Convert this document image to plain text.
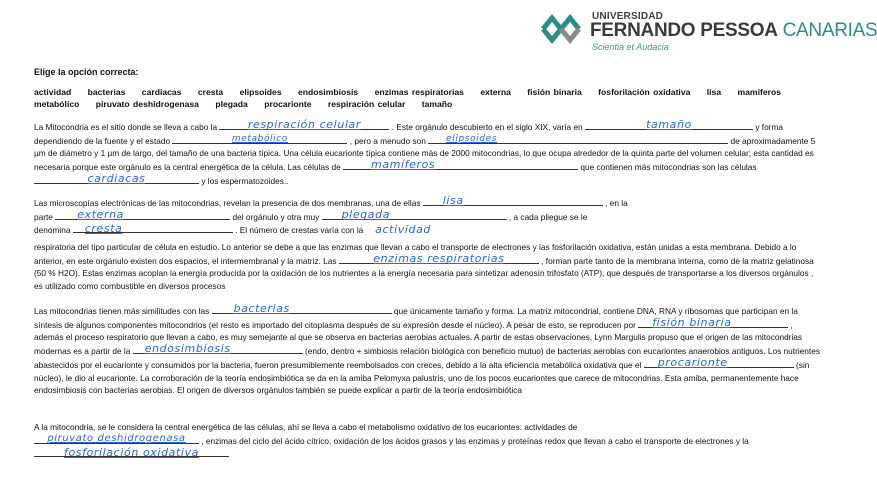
UNIVERSIDAD
FERNANDO PESSOA CANARIAS
Scientia et Audacia
Elige la opción correcta:
actividad bacterias cardiacas cresta elipsoides endosimbiosis enzimas respiratorias externa fisión binaria fosforilación oxidativa lisa mamíferos metabólico piruvato deshidrogenasa plegada procarionte respiración celular tamaño
La Mitocondria es el sitio donde se lleva a cabo la	respiración celular	. Este orgánulo descubierto en el siglo XIX, varía en	tamaño	y forma dependiendo de la fuente y el estado	metabólico	, pero a menudo son elipsoides	de aproximadamente 5 µm de diámetro y 1 µm de largo, del tamaño de una bacteria típica. Una célula eucarionte típica contiene más de 2000 mitocondrias, lo que ocupa alrededor de la quinta parte del volumen celular; esta cantidad es necesaria porque este orgánulo es la central energética de la célula. Las células de	mamíferos	que contienen más mitocondrias son las células
cardiacas	y los espermatozoides..
Las microscopías electrónicas de las mitocondrias, revelan la presencia de dos membranas, una de ellas lisa	, en la
parte externa	del orgánulo y otra muy plegada	, a cada pliegue se le
denomina cresta	. El número de crestas varía con la	actividad
respiratoria del tipo particular de célula en estudio. Lo anterior se debe a que las enzimas que llevan a cabo el transporte de electrones y las fosforilación oxidativa, están unidas a esta membrana. Debido a lo anterior, en este orgánulo existen dos espacios, el intermembranal y la matriz. Las	enzimas respiratorias	, forman parte tanto de la membrana interna, como de la matriz gelatinosa (50 % H2O). Estas enzimas acoplan la energía producida por la oxidación de los nutrientes a la energía necesaria para sintetizar adenosín trifosfato (ATP), que después de transportarse a los diversos orgánulos , es utilizado como combustible en diversos procesos
Las mitocondrias tienen más similitudes con las bacterias	que únicamente tamaño y forma. La matriz mitocondrial, contiene DNA, RNA y ribosomas que participan en la síntesis de algunos componentes mitocondrios (el resto es importado del citoplasma después de su expresión desde el núcleo). A pesar de esto, se reproducen por fisión binaria	, además el proceso respiratorio que llevan a cabo, es muy semejante al que se observa en bacterias aerobias actuales. A partir de estas observaciones, Lynn Margulis propuso que el origen de las mitocondrias modernas es a partir de la endosimbiosis	(endo, dentro + simbiosis relación biológica con beneficio mutuo) de bacterias aerobias con eucariontes anaerobios antiguos. Los nutrientes abastecidos por el eucarionte y consumidos por la bacteria, fueron presumiblemente reembolsados con creces, debido a la alta eficiencia metabólica oxidativa que el procarionte	(sin núcleo), le dio al eucarionte. La corroboración de la teoría endosimbiótica se da en la amiba Pelomyxa palustris, uno de los pocos eucariontes que carece de mitocondrias. Esta amiba, permanentemente hace endosimbiosis con bacterias aerobias. El origen de diversos orgánulos también se puede explicar a partir de la teoría endosimbiótica
A la mitocondria, se le considera la central energética de las células, ahí se lleva a cabo el metabolismo oxidativo de los eucariontes: actividades de

piruvato deshidrogenasa	, enzimas del ciclo del ácido cítrico, oxidación de los ácidos grasos y las enzimas y proteínas redox que llevan a cabo el transporte de electrones y la
fosforilación oxidativa
